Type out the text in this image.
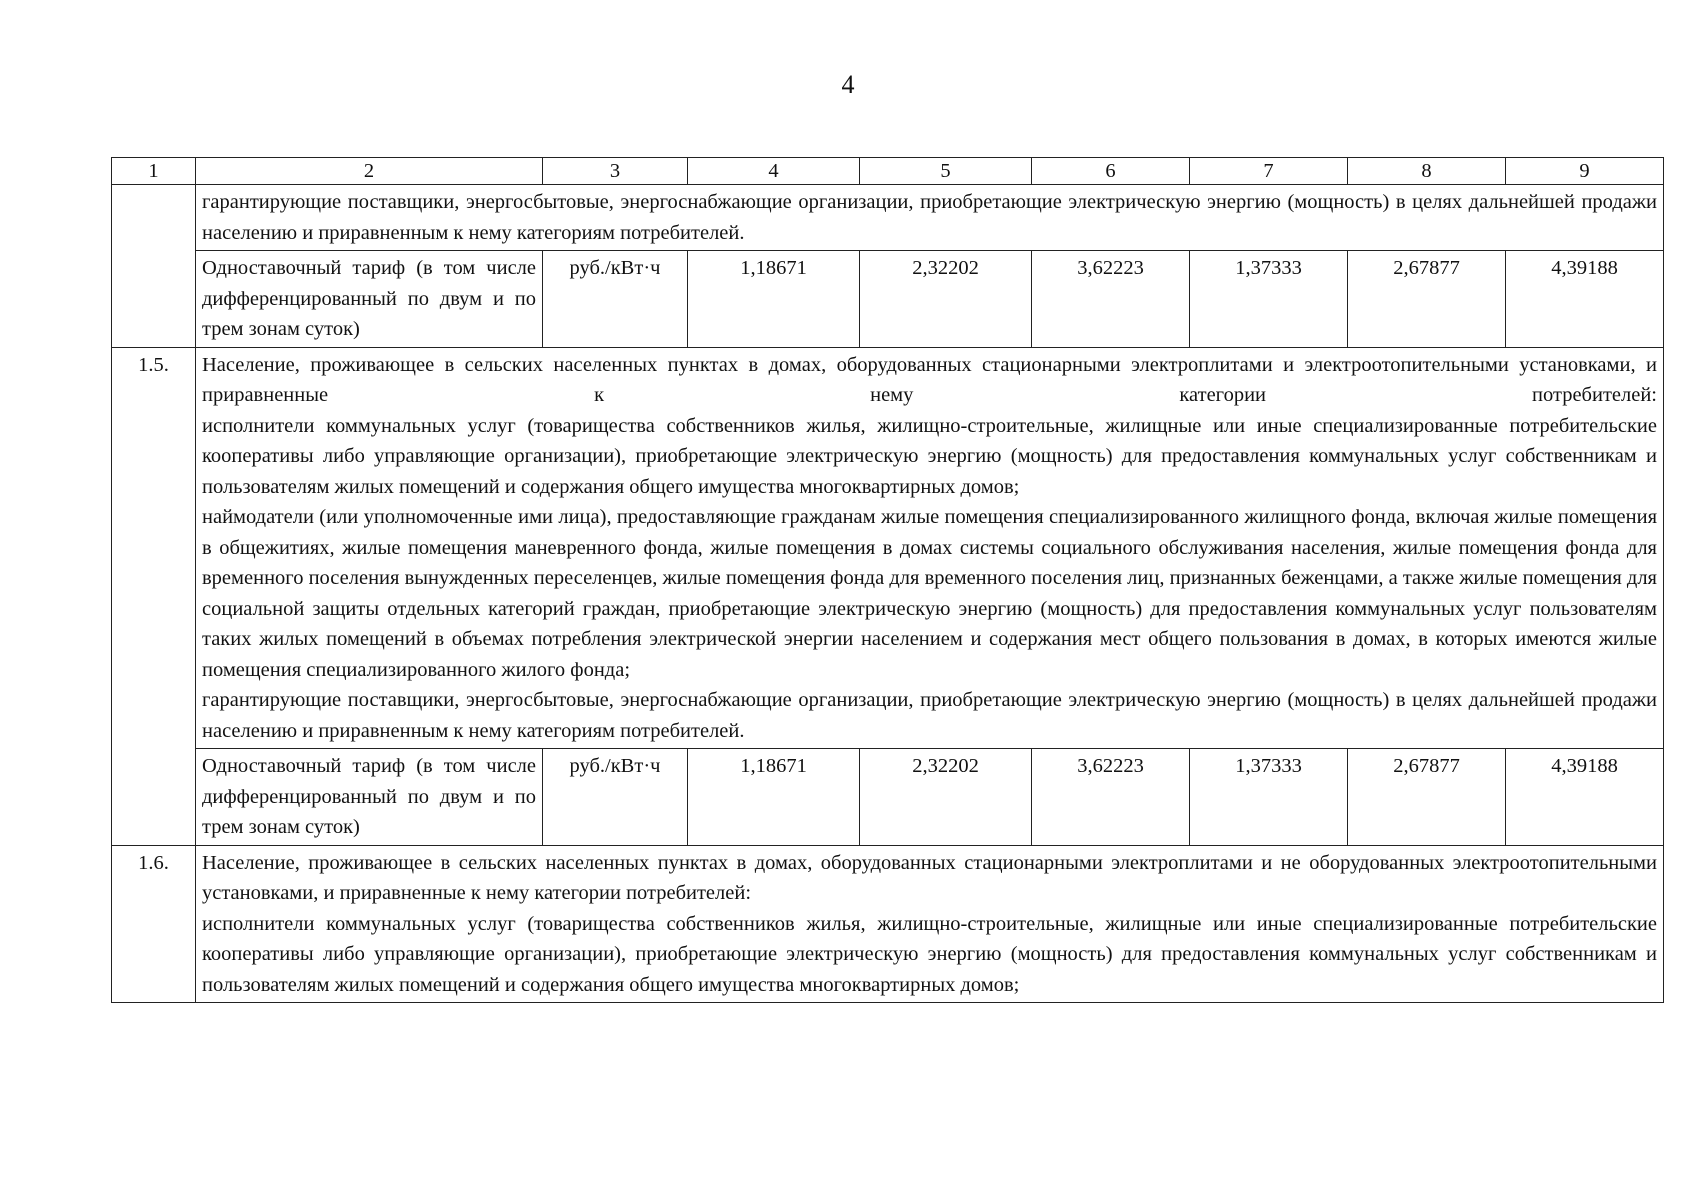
4
1	2	3	4	5	6	7	8	9

	гарантирующие поставщики, энергосбытовые, энергоснабжающие организации, приобретающие электрическую энергию (мощность) в целях дальнейшей продажи населению и приравненным к нему категориям потребителей.							

	Одноставочный тариф (в том числе дифференцированный по двум и по трем зонам суток)	руб./кВт·ч	1,18671	2,32202	3,62223	1,37333	2,67877	4,39188
1.5.	Население, проживающее в сельских населенных пунктах в домах, оборудованных стационарными электроплитами и электроотопительными установками, и приравненные к нему категории потребителей:

исполнители коммунальных услуг (товарищества собственников жилья, жилищно-строительные, жилищные или иные специализированные потребительские кооперативы либо управляющие организации), приобретающие электрическую энергию (мощность) для предоставления коммунальных услуг собственникам и пользователям жилых помещений и содержания общего имущества многоквартирных домов;

наймодатели (или уполномоченные ими лица), предоставляющие гражданам жилые помещения специализированного жилищного фонда, включая жилые помещения в общежитиях, жилые помещения маневренного фонда, жилые помещения в домах системы социального обслуживания населения, жилые помещения фонда для временного поселения вынужденных переселенцев, жилые помещения фонда для временного поселения лиц, признанных беженцами, а также жилые помещения для социальной защиты отдельных категорий граждан, приобретающие электрическую энергию (мощность) для предоставления коммунальных услуг пользователям таких жилых помещений в объемах потребления электрической энергии населением и содержания мест общего пользования в домах, в которых имеются жилые помещения специализированного жилого фонда;

гарантирующие поставщики, энергосбытовые, энергоснабжающие организации, приобретающие электрическую энергию (мощность) в целях дальнейшей продажи населению и приравненным к нему категориям потребителей.							

	Одноставочный тариф (в том числе дифференцированный по двум и по трем зонам суток)	руб./кВт·ч	1,18671	2,32202	3,62223	1,37333	2,67877	4,39188
1.6.	Население, проживающее в сельских населенных пунктах в домах, оборудованных стационарными электроплитами и не оборудованных электроотопительными установками, и приравненные к нему категории потребителей:

исполнители коммунальных услуг (товарищества собственников жилья, жилищно-строительные, жилищные или иные специализированные потребительские кооперативы либо управляющие организации), приобретающие электрическую энергию (мощность) для предоставления коммунальных услуг собственникам и пользователям жилых помещений и содержания общего имущества многоквартирных домов;							
